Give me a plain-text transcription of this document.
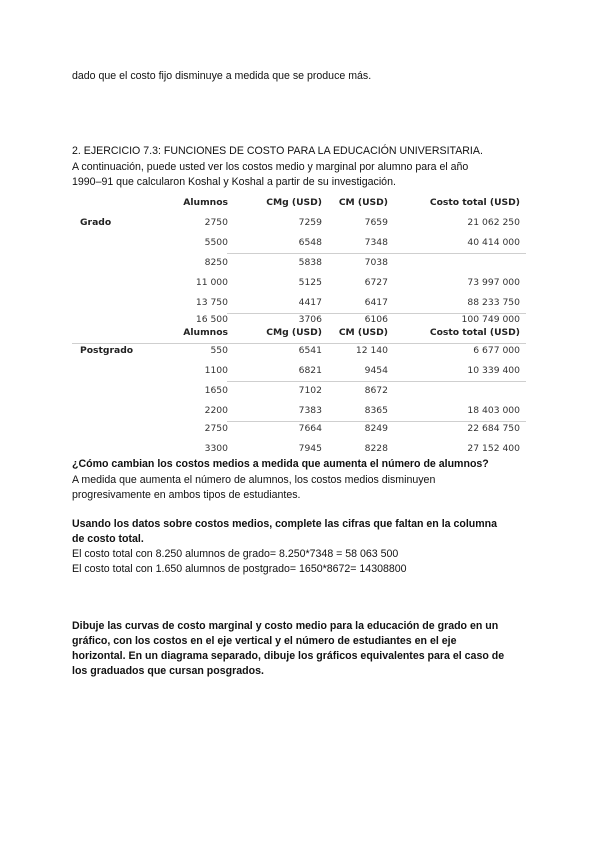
dado que el costo fijo disminuye a medida que se produce más.
2. EJERCICIO 7.3: FUNCIONES DE COSTO PARA LA EDUCACIÓN UNIVERSITARIA.
A continuación, puede usted ver los costos medio y marginal por alumno para el año
1990–91 que calcularon Koshal y Koshal a partir de su investigación.
Alumnos	CMg (USD)	CM (USD)	Costo total (USD)
Grado	2750	7259	7659	21 062 250
5500	6548	7348	40 414 000
8250	5838	7038
11 000	5125	6727	73 997 000
13 750	4417	6417	88 233 750
16 500	3706	6106	100 749 000
Alumnos	CMg (USD)	CM (USD)	Costo total (USD)
Postgrado	550	6541	12 140	6 677 000
1100	6821	9454	10 339 400
1650	7102	8672
2200	7383	8365	18 403 000
2750	7664	8249	22 684 750
3300	7945	8228	27 152 400
¿Cómo cambian los costos medios a medida que aumenta el número de alumnos?
A medida que aumenta el número de alumnos, los costos medios disminuyen
progresivamente en ambos tipos de estudiantes.
Usando los datos sobre costos medios, complete las cifras que faltan en la columna
de costo total.
El costo total con 8.250 alumnos de grado= 8.250*7348 = 58 063 500
El costo total con 1.650 alumnos de postgrado= 1650*8672= 14308800
Dibuje las curvas de costo marginal y costo medio para la educación de grado en un
gráfico, con los costos en el eje vertical y el número de estudiantes en el eje
horizontal. En un diagrama separado, dibuje los gráficos equivalentes para el caso de
los graduados que cursan posgrados.
